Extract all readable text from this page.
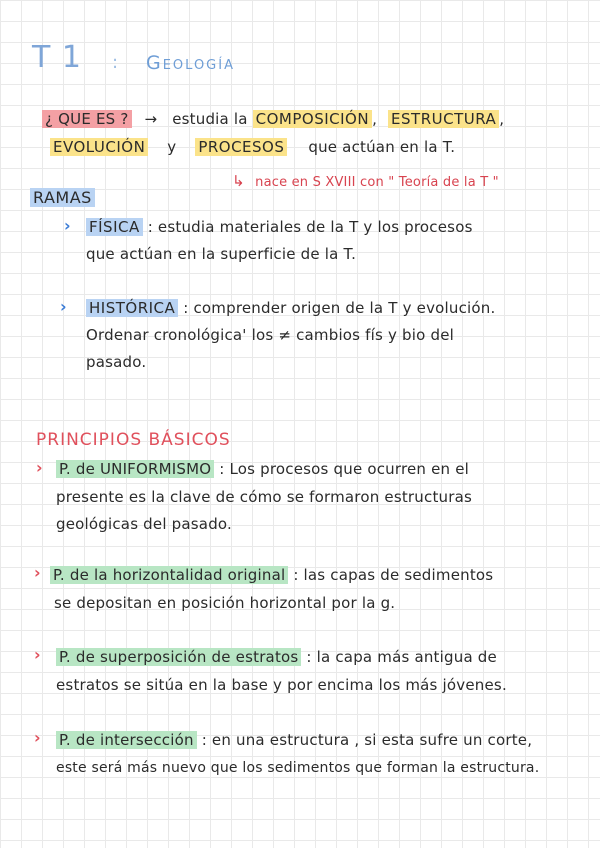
T 1 : Geología
¿ QUE ES ? → estudia la COMPOSICIÓN , ESTRUCTURA ,
EVOLUCIÓN y PROCESOS que actúan en la T.
↳ nace en S XVIII con " Teoría de la T "
RAMAS
› FÍSICA : estudia materiales de la T y los procesos
que actúan en la superficie de la T.
› HISTÓRICA : comprender origen de la T y evolución.
Ordenar cronológica' los ≠ cambios fís y bio del
pasado.
PRINCIPIOS BÁSICOS
› P. de UNIFORMISMO : Los procesos que ocurren en el
presente es la clave de cómo se formaron estructuras
geológicas del pasado.
› P. de la horizontalidad original : las capas de sedimentos
se depositan en posición horizontal por la g.
› P. de superposición de estratos : la capa más antigua de
estratos se sitúa en la base y por encima los más jóvenes.
› P. de intersección : en una estructura , si esta sufre un corte,
este será más nuevo que los sedimentos que forman la estructura.
